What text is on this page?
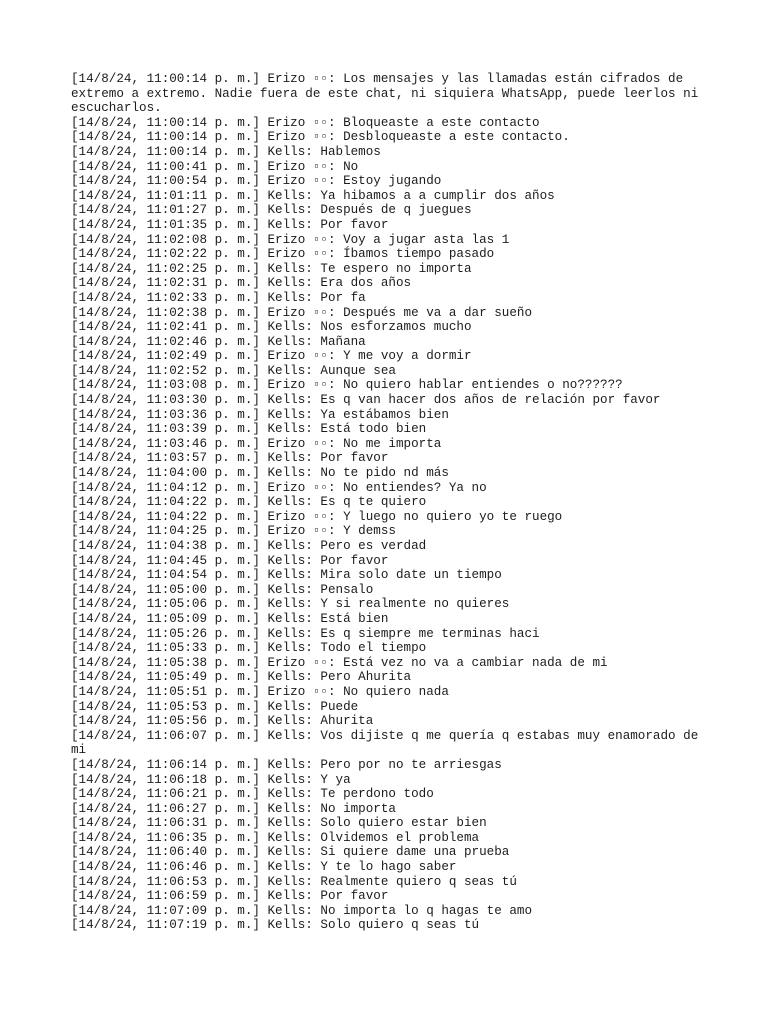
[14/8/24, 11:00:14 p. m.] Erizo ▫▫: Los mensajes y las llamadas están cifrados de extremo a extremo. Nadie fuera de este chat, ni siquiera WhatsApp, puede leerlos ni escucharlos.

[14/8/24, 11:00:14 p. m.] Erizo ▫▫: Bloqueaste a este contacto

[14/8/24, 11:00:14 p. m.] Erizo ▫▫: Desbloqueaste a este contacto.

[14/8/24, 11:00:14 p. m.] Kells: Hablemos

[14/8/24, 11:00:41 p. m.] Erizo ▫▫: No

[14/8/24, 11:00:54 p. m.] Erizo ▫▫: Estoy jugando

[14/8/24, 11:01:11 p. m.] Kells: Ya hibamos a a cumplir dos años

[14/8/24, 11:01:27 p. m.] Kells: Después de q juegues

[14/8/24, 11:01:35 p. m.] Kells: Por favor

[14/8/24, 11:02:08 p. m.] Erizo ▫▫: Voy a jugar asta las 1

[14/8/24, 11:02:22 p. m.] Erizo ▫▫: Íbamos tiempo pasado

[14/8/24, 11:02:25 p. m.] Kells: Te espero no importa

[14/8/24, 11:02:31 p. m.] Kells: Era dos años

[14/8/24, 11:02:33 p. m.] Kells: Por fa

[14/8/24, 11:02:38 p. m.] Erizo ▫▫: Después me va a dar sueño

[14/8/24, 11:02:41 p. m.] Kells: Nos esforzamos mucho

[14/8/24, 11:02:46 p. m.] Kells: Mañana

[14/8/24, 11:02:49 p. m.] Erizo ▫▫: Y me voy a dormir

[14/8/24, 11:02:52 p. m.] Kells: Aunque sea

[14/8/24, 11:03:08 p. m.] Erizo ▫▫: No quiero hablar entiendes o no??????

[14/8/24, 11:03:30 p. m.] Kells: Es q van hacer dos años de relación por favor

[14/8/24, 11:03:36 p. m.] Kells: Ya estábamos bien

[14/8/24, 11:03:39 p. m.] Kells: Está todo bien

[14/8/24, 11:03:46 p. m.] Erizo ▫▫: No me importa

[14/8/24, 11:03:57 p. m.] Kells: Por favor

[14/8/24, 11:04:00 p. m.] Kells: No te pido nd más

[14/8/24, 11:04:12 p. m.] Erizo ▫▫: No entiendes? Ya no

[14/8/24, 11:04:22 p. m.] Kells: Es q te quiero

[14/8/24, 11:04:22 p. m.] Erizo ▫▫: Y luego no quiero yo te ruego

[14/8/24, 11:04:25 p. m.] Erizo ▫▫: Y demss

[14/8/24, 11:04:38 p. m.] Kells: Pero es verdad

[14/8/24, 11:04:45 p. m.] Kells: Por favor

[14/8/24, 11:04:54 p. m.] Kells: Mira solo date un tiempo

[14/8/24, 11:05:00 p. m.] Kells: Pensalo

[14/8/24, 11:05:06 p. m.] Kells: Y si realmente no quieres

[14/8/24, 11:05:09 p. m.] Kells: Está bien

[14/8/24, 11:05:26 p. m.] Kells: Es q siempre me terminas haci

[14/8/24, 11:05:33 p. m.] Kells: Todo el tiempo

[14/8/24, 11:05:38 p. m.] Erizo ▫▫: Está vez no va a cambiar nada de mi

[14/8/24, 11:05:49 p. m.] Kells: Pero Ahurita

[14/8/24, 11:05:51 p. m.] Erizo ▫▫: No quiero nada

[14/8/24, 11:05:53 p. m.] Kells: Puede

[14/8/24, 11:05:56 p. m.] Kells: Ahurita

[14/8/24, 11:06:07 p. m.] Kells: Vos dijiste q me quería q estabas muy enamorado de mi

[14/8/24, 11:06:14 p. m.] Kells: Pero por no te arriesgas

[14/8/24, 11:06:18 p. m.] Kells: Y ya

[14/8/24, 11:06:21 p. m.] Kells: Te perdono todo

[14/8/24, 11:06:27 p. m.] Kells: No importa

[14/8/24, 11:06:31 p. m.] Kells: Solo quiero estar bien

[14/8/24, 11:06:35 p. m.] Kells: Olvidemos el problema

[14/8/24, 11:06:40 p. m.] Kells: Si quiere dame una prueba

[14/8/24, 11:06:46 p. m.] Kells: Y te lo hago saber

[14/8/24, 11:06:53 p. m.] Kells: Realmente quiero q seas tú

[14/8/24, 11:06:59 p. m.] Kells: Por favor

[14/8/24, 11:07:09 p. m.] Kells: No importa lo q hagas te amo

[14/8/24, 11:07:19 p. m.] Kells: Solo quiero q seas tú
